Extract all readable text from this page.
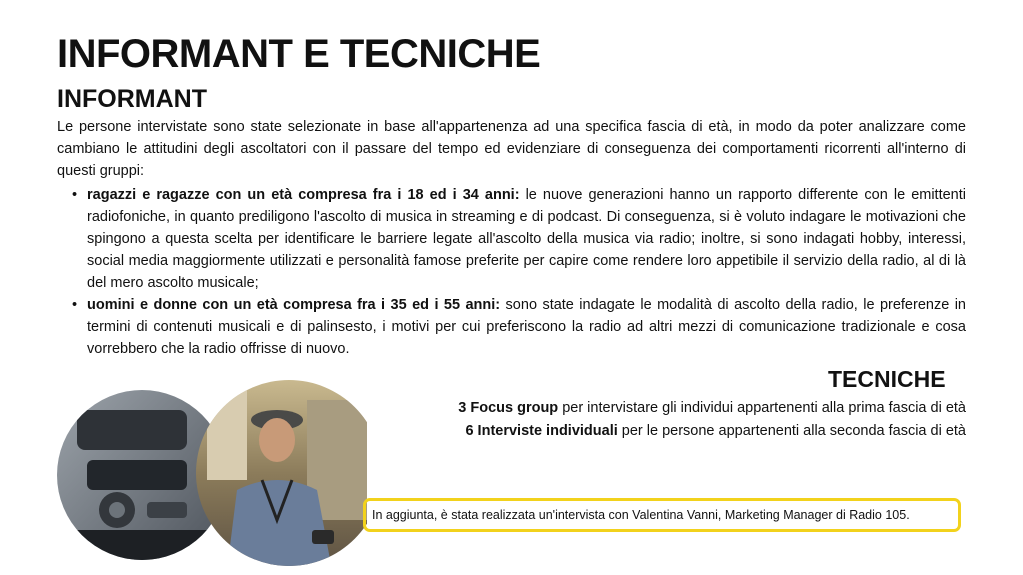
INFORMANT E TECNICHE
INFORMANT

Le persone intervistate sono state selezionate in base all'appartenenza ad una specifica fascia di età, in modo da poter analizzare come cambiano le attitudini degli ascoltatori con il passare del tempo ed evidenziare di conseguenza dei comportamenti ricorrenti all'interno di questi gruppi:

• ragazzi e ragazze con un età compresa fra i 18 ed i 34 anni: le nuove generazioni hanno un rapporto differente con le emittenti radiofoniche, in quanto prediligono l'ascolto di musica in streaming e di podcast. Di conseguenza, si è voluto indagare le motivazioni che spingono a questa scelta per identificare le barriere legate all'ascolto della musica via radio; inoltre, si sono indagati hobby, interessi, social media maggiormente utilizzati e personalità famose preferite per capire come rendere loro appetibile il servizio della radio, al di là del mero ascolto musicale;
• uomini e donne con un età compresa fra i 35 ed i 55 anni: sono state indagate le modalità di ascolto della radio, le preferenze in termini di contenuti musicali e di palinsesto, i motivi per cui preferiscono la radio ad altri mezzi di comunicazione tradizionale e cosa vorrebbero che la radio offrisse di nuovo.
TECNICHE
3 Focus group per intervistare gli individui appartenenti alla prima fascia di età
6 Interviste individuali per le persone appartenenti alla seconda fascia di età
In aggiunta, è stata realizzata un'intervista con Valentina Vanni, Marketing Manager di Radio 105.
